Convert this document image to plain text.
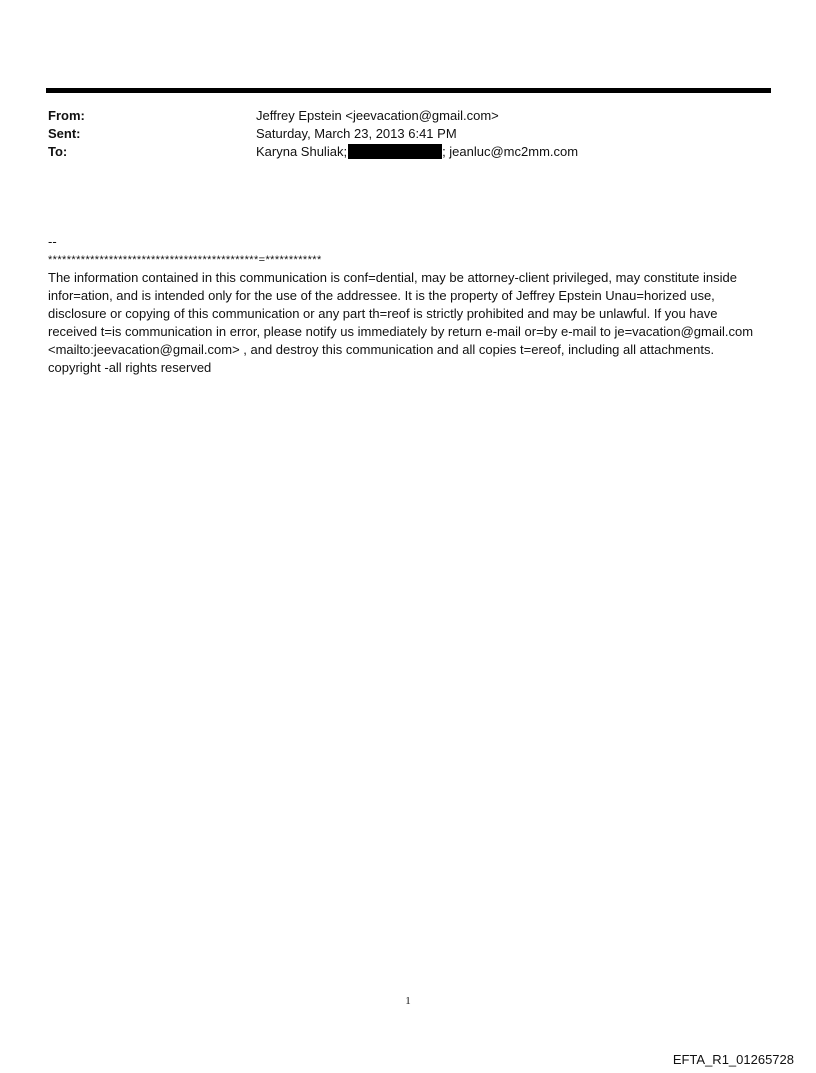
From:	Jeffrey Epstein <jeevacation@gmail.com>
Sent:	Saturday, March 23, 2013 6:41 PM
To:	Karyna Shuliak;	; jeanluc@mc2mm.com
--
*********************************************=************

The information contained in this communication is conf=dential, may be attorney-client privileged, may constitute inside infor=ation, and is intended only for the use of the addressee. It is the property of Jeffrey Epstein Unau=horized use, disclosure or copying of this communication or any part th=reof is strictly prohibited and may be unlawful. If you have received t=is communication in error, please notify us immediately by return e-mail or=by e-mail to je=vacation@gmail.com <mailto:jeevacation@gmail.com> , and destroy this communication and all copies t=ereof, including all attachments. copyright -all rights reserved

1
EFTA_R1_01265728
